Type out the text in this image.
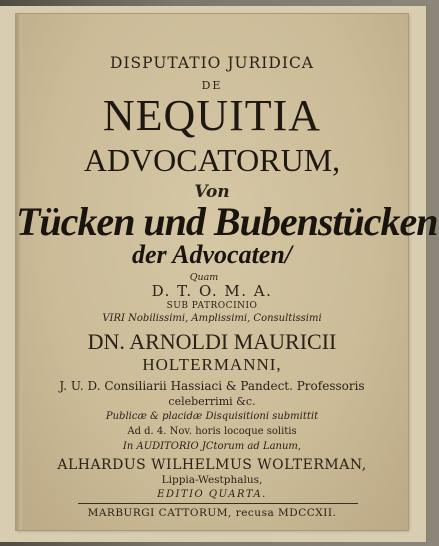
DISPUTATIO JURIDICA
DE
NEQUITIA
ADVOCATORUM,
Von
Tücken und Bubenstücken
der Advocaten/
Quam
D. T. O. M. A.
SUB PATROCINIO
VIRI Nobilissimi, Amplissimi, Consultissimi
DN. ARNOLDI MAURICII
HOLTERMANNI,
J. U. D. Consiliarii Hassiaci & Pandect. Professoris
celeberrimi &c.
Publicæ & placidæ Disquisitioni submittit
Ad d. 4. Nov. horis locoque solitis
In AUDITORIO JCtorum ad Lanum,
ALHARDUS WILHELMUS WOLTERMAN,
Lippia-Westphalus,
EDITIO QUARTA.
MARBURGI CATTORUM, recusa MDCCXII.
